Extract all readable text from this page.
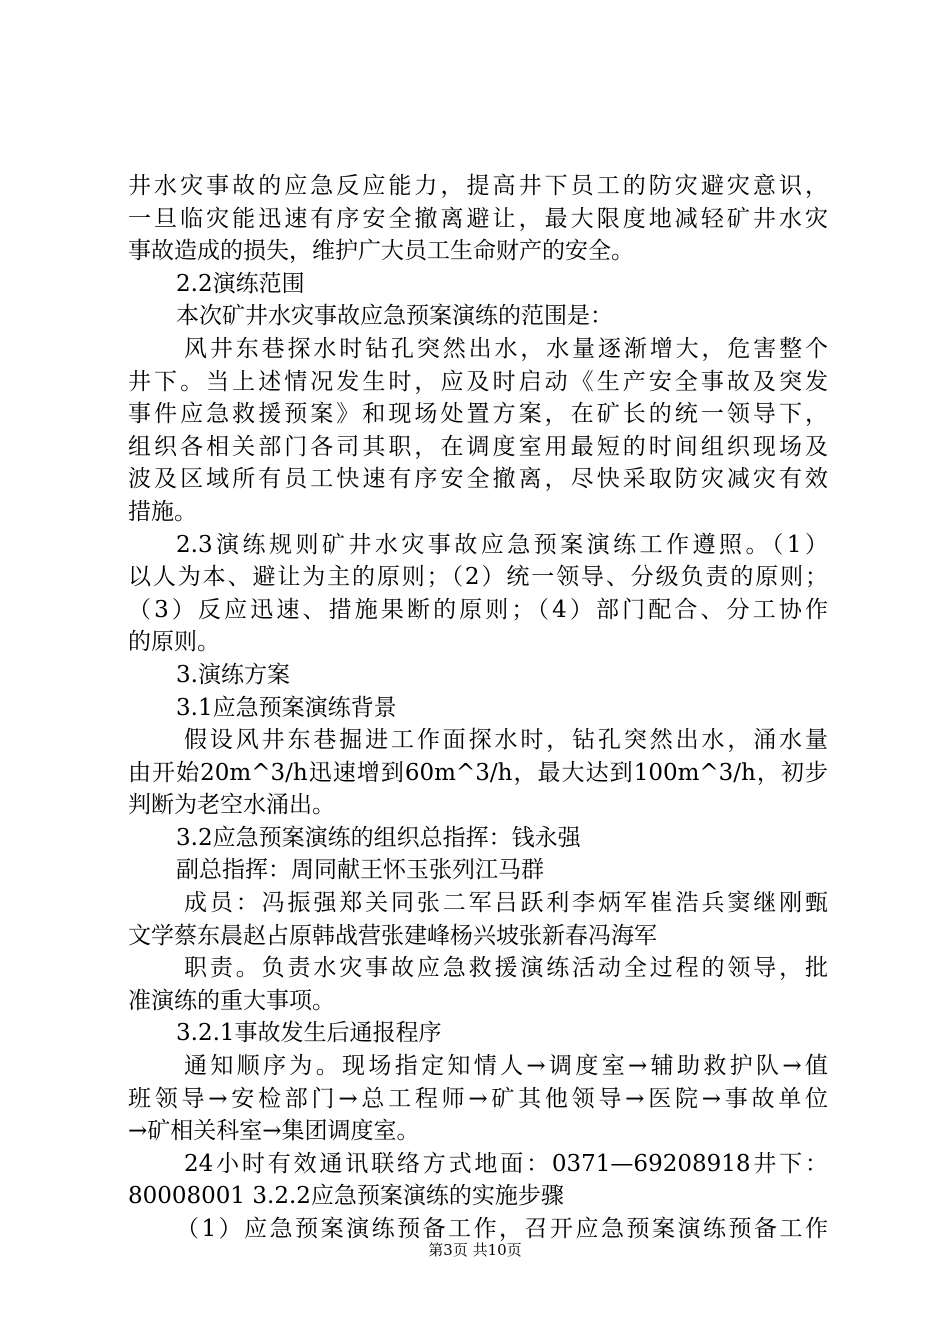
井水灾事故的应急反应能力，提高井下员工的防灾避灾意识，
一旦临灾能迅速有序安全撤离避让，最大限度地减轻矿井水灾
事故造成的损失，维护广大员工生命财产的安全。
2.2演练范围
本次矿井水灾事故应急预案演练的范围是：
风井东巷探水时钻孔突然出水，水量逐渐增大，危害整个
井下。当上述情况发生时，应及时启动《生产安全事故及突发
事件应急救援预案》和现场处置方案，在矿长的统一领导下，
组织各相关部门各司其职，在调度室用最短的时间组织现场及
波及区域所有员工快速有序安全撤离，尽快采取防灾减灾有效
措施。
2.3演练规则矿井水灾事故应急预案演练工作遵照。（1）
以人为本、避让为主的原则；（2）统一领导、分级负责的原则；
（3）反应迅速、措施果断的原则；（4）部门配合、分工协作
的原则。
3.演练方案
3.1应急预案演练背景
假设风井东巷掘进工作面探水时，钻孔突然出水，涌水量
由开始20m^3/h迅速增到60m^3/h，最大达到100m^3/h，初步
判断为老空水涌出。
3.2应急预案演练的组织总指挥：钱永强
副总指挥：周同献王怀玉张列江马群
成员：冯振强郑关同张二军吕跃利李炳军崔浩兵窦继刚甄
文学蔡东晨赵占原韩战营张建峰杨兴坡张新春冯海军
职责。负责水灾事故应急救援演练活动全过程的领导，批
准演练的重大事项。
3.2.1事故发生后通报程序
通知顺序为。现场指定知情人→调度室→辅助救护队→值
班领导→安检部门→总工程师→矿其他领导→医院→事故单位
→矿相关科室→集团调度室。
24小时有效通讯联络方式地面：0371—69208918井下：
80008001 3.2.2应急预案演练的实施步骤
（1）应急预案演练预备工作，召开应急预案演练预备工作
第3页 共10页
